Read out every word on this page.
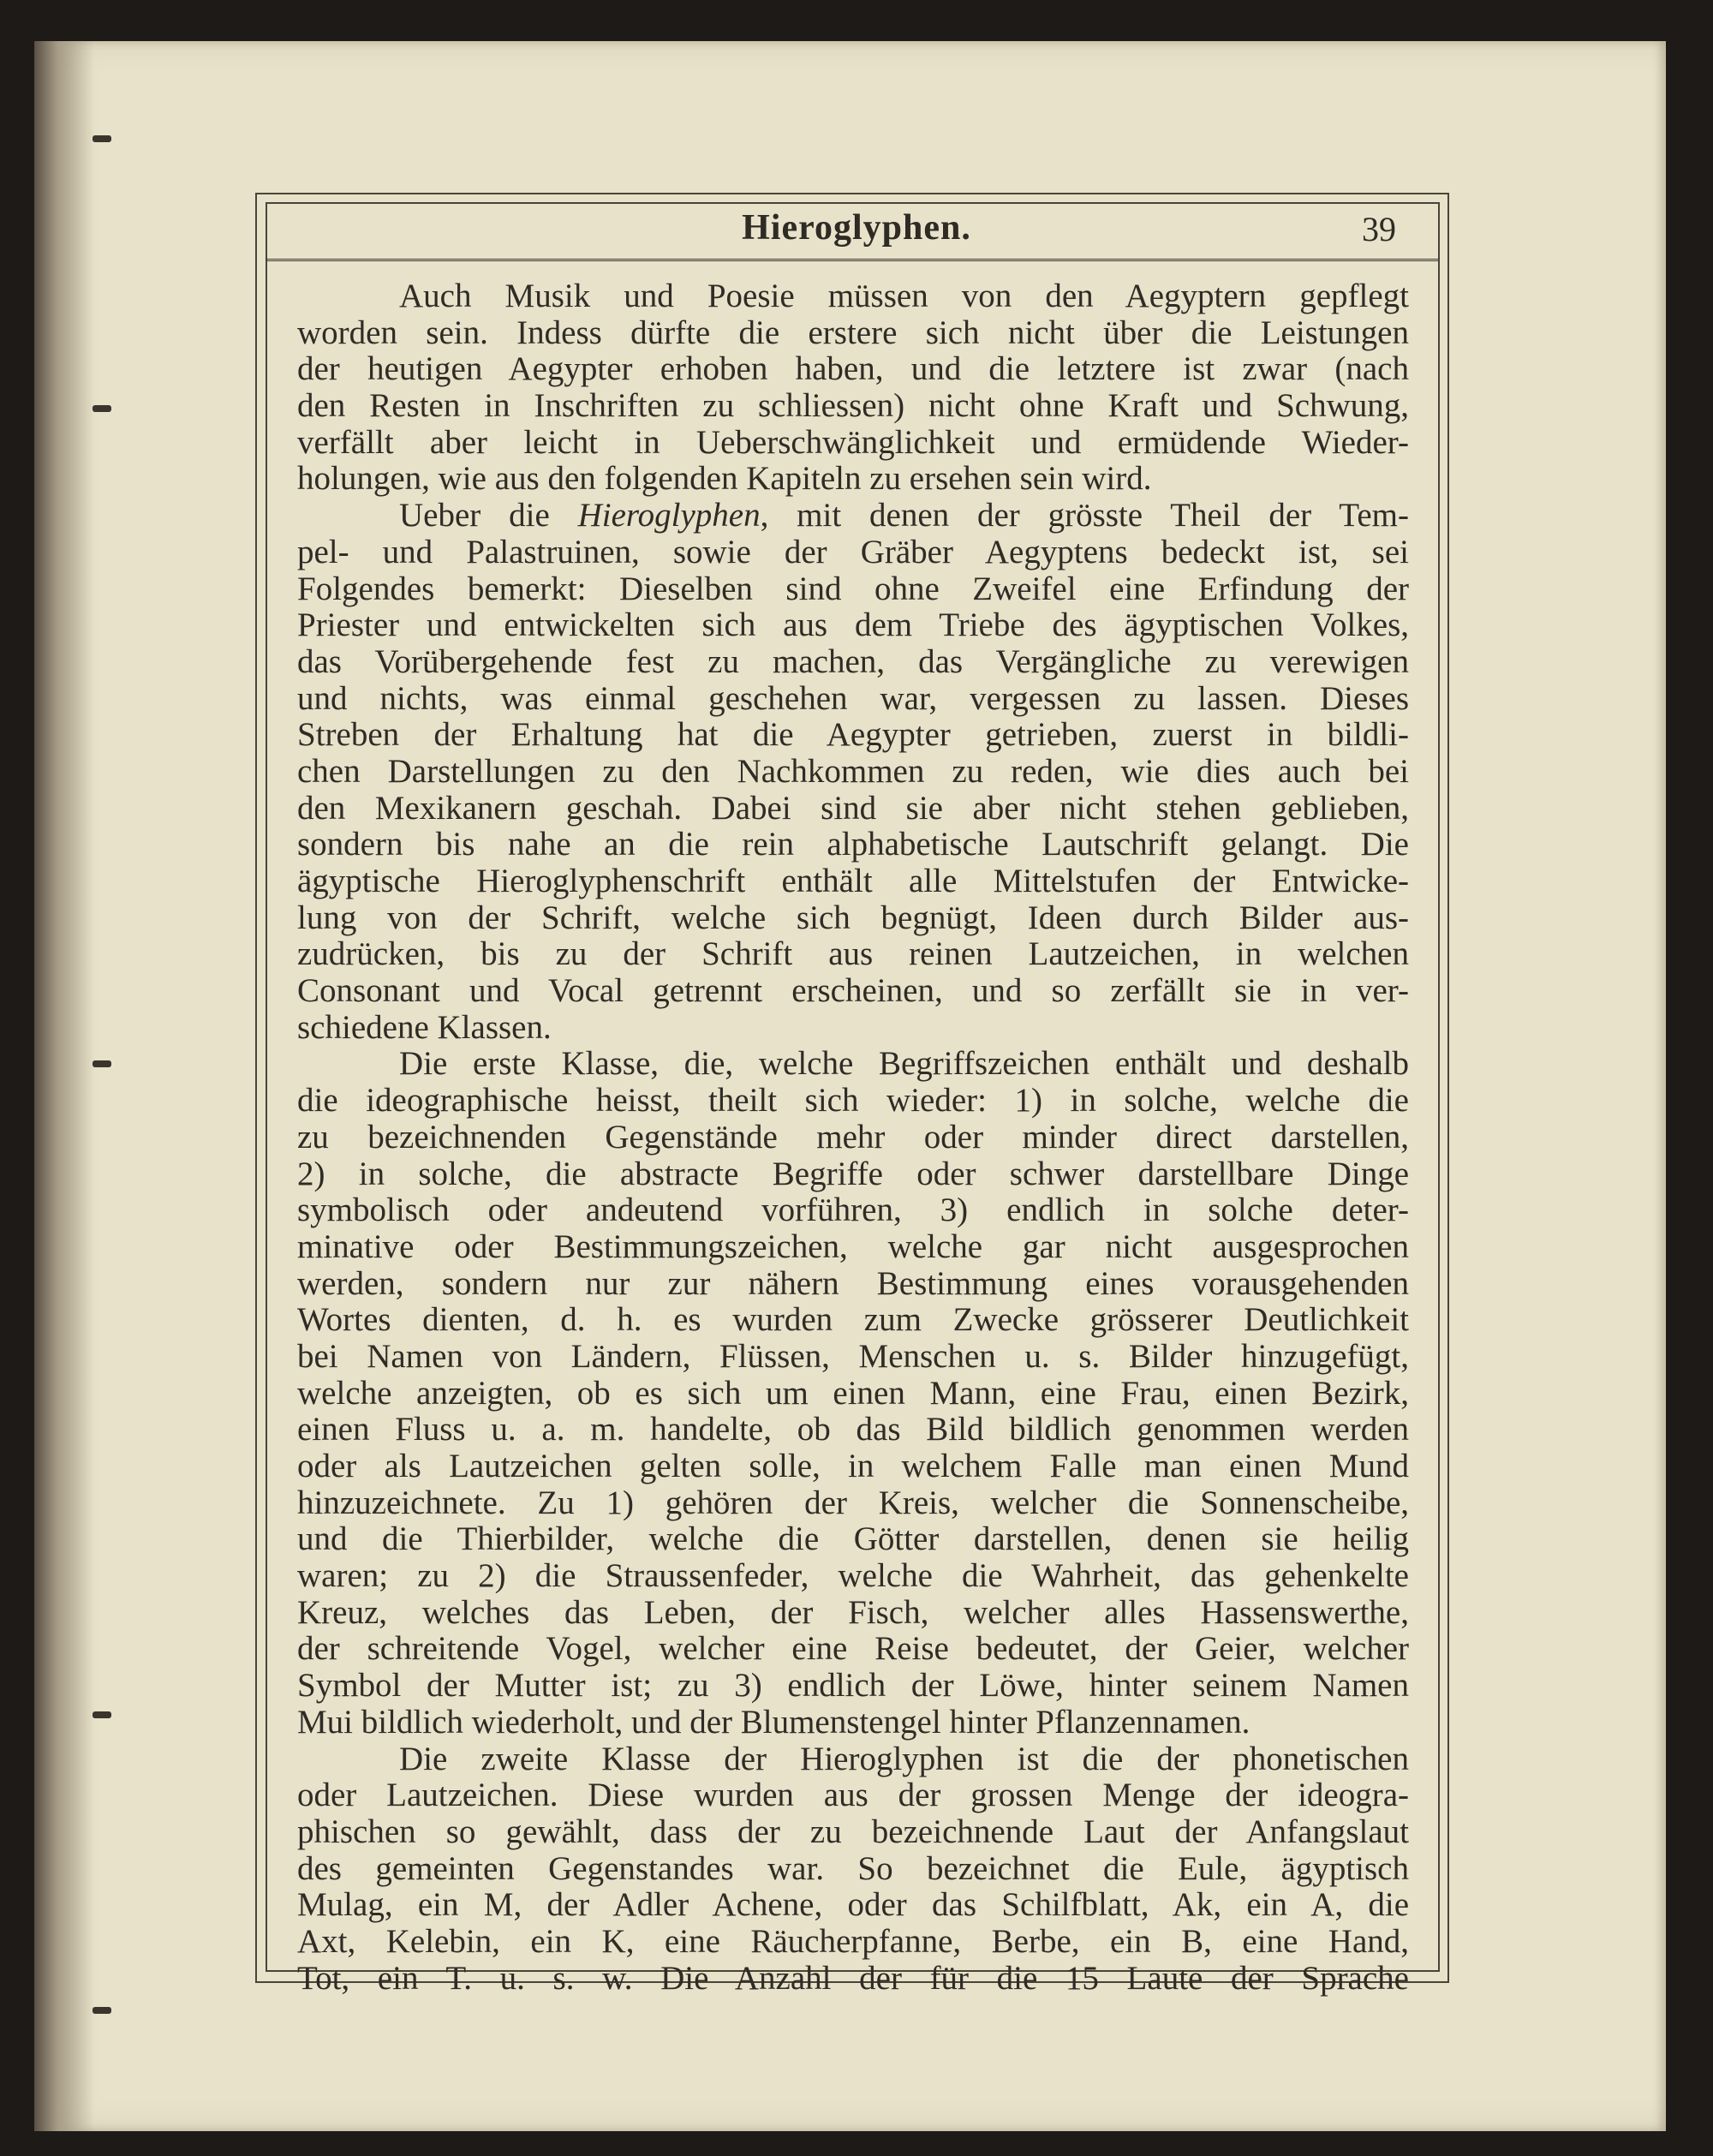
Hieroglyphen.	39
Auch Musik und Poesie müssen von den Aegyptern gepflegt
worden sein. Indess dürfte die erstere sich nicht über die Leistungen
der heutigen Aegypter erhoben haben, und die letztere ist zwar (nach
den Resten in Inschriften zu schliessen) nicht ohne Kraft und Schwung,
verfällt aber leicht in Ueberschwänglichkeit und ermüdende Wieder-
holungen, wie aus den folgenden Kapiteln zu ersehen sein wird.
Ueber die Hieroglyphen, mit denen der grösste Theil der Tem-
pel- und Palastruinen, sowie der Gräber Aegyptens bedeckt ist, sei
Folgendes bemerkt: Dieselben sind ohne Zweifel eine Erfindung der
Priester und entwickelten sich aus dem Triebe des ägyptischen Volkes,
das Vorübergehende fest zu machen, das Vergängliche zu verewigen
und nichts, was einmal geschehen war, vergessen zu lassen. Dieses
Streben der Erhaltung hat die Aegypter getrieben, zuerst in bildli-
chen Darstellungen zu den Nachkommen zu reden, wie dies auch bei
den Mexikanern geschah. Dabei sind sie aber nicht stehen geblieben,
sondern bis nahe an die rein alphabetische Lautschrift gelangt. Die
ägyptische Hieroglyphenschrift enthält alle Mittelstufen der Entwicke-
lung von der Schrift, welche sich begnügt, Ideen durch Bilder aus-
zudrücken, bis zu der Schrift aus reinen Lautzeichen, in welchen
Consonant und Vocal getrennt erscheinen, und so zerfällt sie in ver-
schiedene Klassen.
Die erste Klasse, die, welche Begriffszeichen enthält und deshalb
die ideographische heisst, theilt sich wieder: 1) in solche, welche die
zu bezeichnenden Gegenstände mehr oder minder direct darstellen,
2) in solche, die abstracte Begriffe oder schwer darstellbare Dinge
symbolisch oder andeutend vorführen, 3) endlich in solche deter-
minative oder Bestimmungszeichen, welche gar nicht ausgesprochen
werden, sondern nur zur nähern Bestimmung eines vorausgehenden
Wortes dienten, d. h. es wurden zum Zwecke grösserer Deutlichkeit
bei Namen von Ländern, Flüssen, Menschen u. s. Bilder hinzugefügt,
welche anzeigten, ob es sich um einen Mann, eine Frau, einen Bezirk,
einen Fluss u. a. m. handelte, ob das Bild bildlich genommen werden
oder als Lautzeichen gelten solle, in welchem Falle man einen Mund
hinzuzeichnete. Zu 1) gehören der Kreis, welcher die Sonnenscheibe,
und die Thierbilder, welche die Götter darstellen, denen sie heilig
waren; zu 2) die Straussenfeder, welche die Wahrheit, das gehenkelte
Kreuz, welches das Leben, der Fisch, welcher alles Hassenswerthe,
der schreitende Vogel, welcher eine Reise bedeutet, der Geier, welcher
Symbol der Mutter ist; zu 3) endlich der Löwe, hinter seinem Namen
Mui bildlich wiederholt, und der Blumenstengel hinter Pflanzennamen.
Die zweite Klasse der Hieroglyphen ist die der phonetischen
oder Lautzeichen. Diese wurden aus der grossen Menge der ideogra-
phischen so gewählt, dass der zu bezeichnende Laut der Anfangslaut
des gemeinten Gegenstandes war. So bezeichnet die Eule, ägyptisch
Mulag, ein M, der Adler Achene, oder das Schilfblatt, Ak, ein A, die
Axt, Kelebin, ein K, eine Räucherpfanne, Berbe, ein B, eine Hand,
Tot, ein T. u. s. w. Die Anzahl der für die 15 Laute der Sprache
